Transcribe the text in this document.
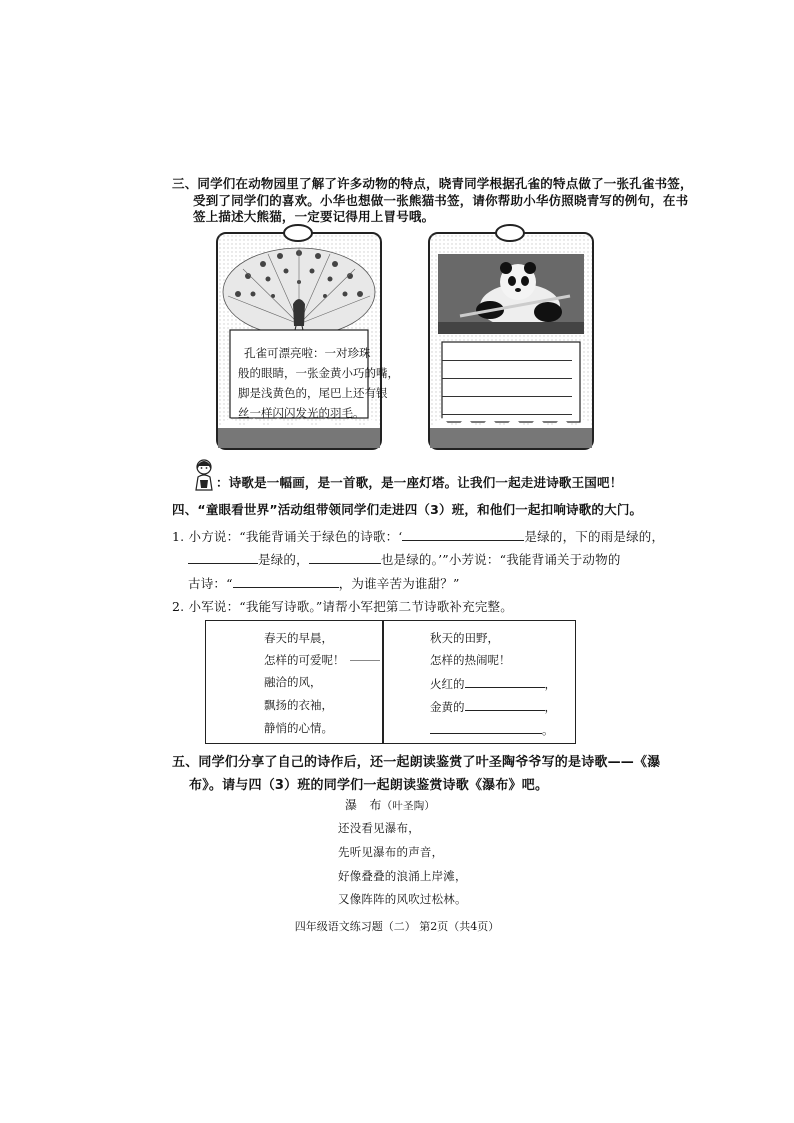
三、同学们在动物园里了解了许多动物的特点，晓青同学根据孔雀的特点做了一张孔雀书签，
受到了同学们的喜欢。小华也想做一张熊猫书签，请你帮助小华仿照晓青写的例句，在书
签上描述大熊猫，一定要记得用上冒号哦。
孔雀可漂亮啦：一对珍珠
般的眼睛，一张金黄小巧的嘴，
脚是浅黄色的，尾巴上还有银
丝一样闪闪发光的羽毛。
：诗歌是一幅画，是一首歌，是一座灯塔。让我们一起走进诗歌王国吧！
四、“童眼看世界”活动组带领同学们走进四（3）班，和他们一起扣响诗歌的大门。
1. 小方说：“我能背诵关于绿色的诗歌：‘	是绿的，下的雨是绿的，
是绿的，	也是绿的。’”小芳说：“我能背诵关于动物的
古诗：“	，为谁辛苦为谁甜？”
2. 小军说：“我能写诗歌。”请帮小军把第二节诗歌补充完整。
春天的早晨，
怎样的可爱呢！
融洽的风，
飘扬的衣袖，
静悄的心情。
秋天的田野，
怎样的热闹呢！
火红的	，
金黄的	，
。
五、同学们分享了自己的诗作后，还一起朗读鉴赏了叶圣陶爷爷写的是诗歌——《瀑
布》。请与四（3）班的同学们一起朗读鉴赏诗歌《瀑布》吧。
瀑　布（叶圣陶）
还没看见瀑布，
先听见瀑布的声音，
好像叠叠的浪涌上岸滩，
又像阵阵的风吹过松林。
四年级语文练习题（二） 第2页（共4页）
